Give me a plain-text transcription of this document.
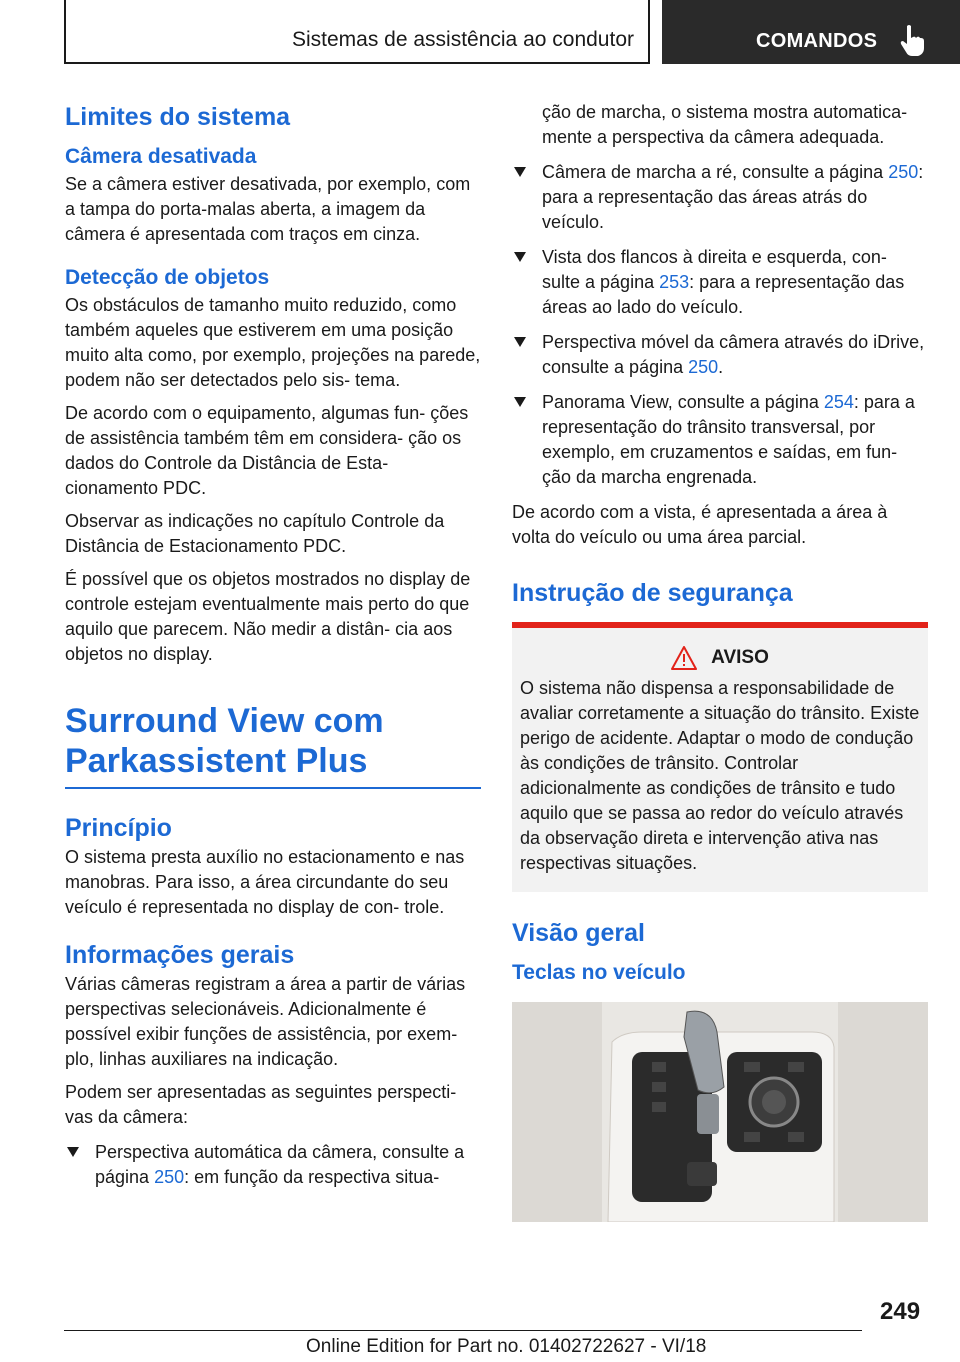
Sistemas de assistência ao condutor	COMANDOS
Limites do sistema
Câmera desativada
Se a câmera estiver desativada, por exemplo, com a tampa do porta-malas aberta, a imagem da câmera é apresentada com traços em cinza.
Detecção de objetos
Os obstáculos de tamanho muito reduzido, como também aqueles que estiverem em uma posição muito alta como, por exemplo, projeções na parede, podem não ser detectados pelo sis‐ tema.
De acordo com o equipamento, algumas fun‐ ções de assistência também têm em considera‐ ção os dados do Controle da Distância de Esta‐ cionamento PDC.
Observar as indicações no capítulo Controle da Distância de Estacionamento PDC.
É possível que os objetos mostrados no display de controle estejam eventualmente mais perto do que aquilo que parecem. Não medir a distân‐ cia aos objetos no display.
Surround View com
Parkassistent Plus
Princípio
O sistema presta auxílio no estacionamento e nas manobras. Para isso, a área circundante do seu veículo é representada no display de con‐ trole.
Informações gerais
Várias câmeras registram a área a partir de várias perspectivas selecionáveis. Adicionalmente é possível exibir funções de assistência, por exem‐ plo, linhas auxiliares na indicação.
Podem ser apresentadas as seguintes perspecti‐ vas da câmera:
Perspectiva automática da câmera, consulte a página 250: em função da respectiva situa‐
ção de marcha, o sistema mostra automatica‐ mente a perspectiva da câmera adequada.
Câmera de marcha a ré, consulte a página 250: para a representação das áreas atrás do veículo.
Vista dos flancos à direita e esquerda, con‐ sulte a página 253: para a representação das áreas ao lado do veículo.
Perspectiva móvel da câmera através do iDrive, consulte a página 250.
Panorama View, consulte a página 254: para a representação do trânsito transversal, por exemplo, em cruzamentos e saídas, em fun‐ ção da marcha engrenada.
De acordo com a vista, é apresentada a área à volta do veículo ou uma área parcial.
Instrução de segurança
AVISO
O sistema não dispensa a responsabilidade de avaliar corretamente a situação do trânsito. Existe perigo de acidente. Adaptar o modo de condução às condições de trânsito. Controlar adicionalmente as condições de trânsito e tudo aquilo que se passa ao redor do veículo através da observação direta e intervenção ativa nas respectivas situações.
Visão geral
Teclas no veículo
249
Online Edition for Part no. 01402722627 - VI/18
